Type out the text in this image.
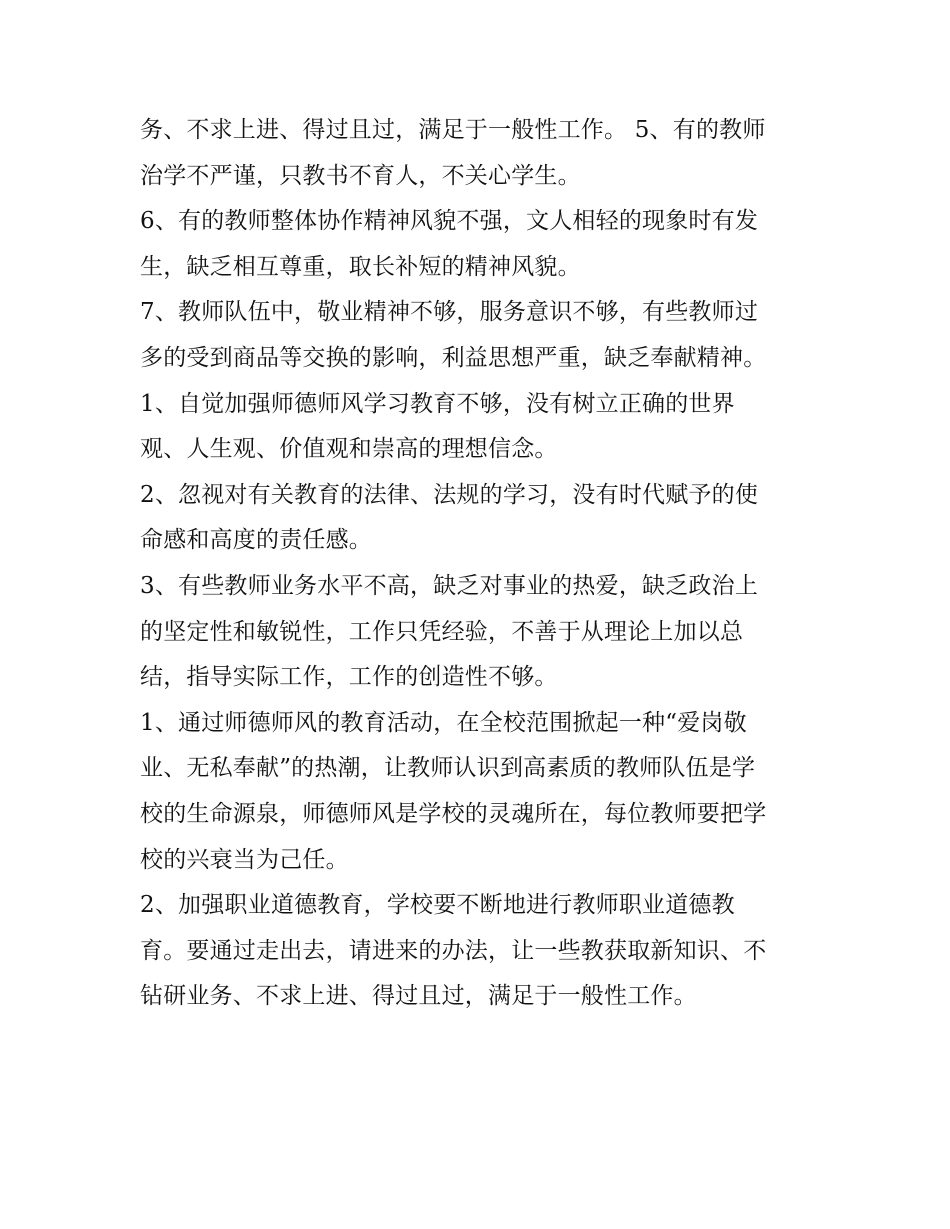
务、不求上进、得过且过，满足于一般性工作。 5、有的教师
治学不严谨，只教书不育人，不关心学生。
6、有的教师整体协作精神风貌不强，文人相轻的现象时有发
生，缺乏相互尊重，取长补短的精神风貌。
7、教师队伍中，敬业精神不够，服务意识不够，有些教师过
多的受到商品等交换的影响，利益思想严重，缺乏奉献精神。
1、自觉加强师德师风学习教育不够，没有树立正确的世界
观、人生观、价值观和崇高的理想信念。
2、忽视对有关教育的法律、法规的学习，没有时代赋予的使
命感和高度的责任感。
3、有些教师业务水平不高，缺乏对事业的热爱，缺乏政治上
的坚定性和敏锐性，工作只凭经验，不善于从理论上加以总
结，指导实际工作，工作的创造性不够。
1、通过师德师风的教育活动，在全校范围掀起一种“爱岗敬
业、无私奉献”的热潮，让教师认识到高素质的教师队伍是学
校的生命源泉，师德师风是学校的灵魂所在，每位教师要把学
校的兴衰当为己任。
2、加强职业道德教育，学校要不断地进行教师职业道德教
育。要通过走出去，请进来的办法，让一些教获取新知识、不
钻研业务、不求上进、得过且过，满足于一般性工作。
